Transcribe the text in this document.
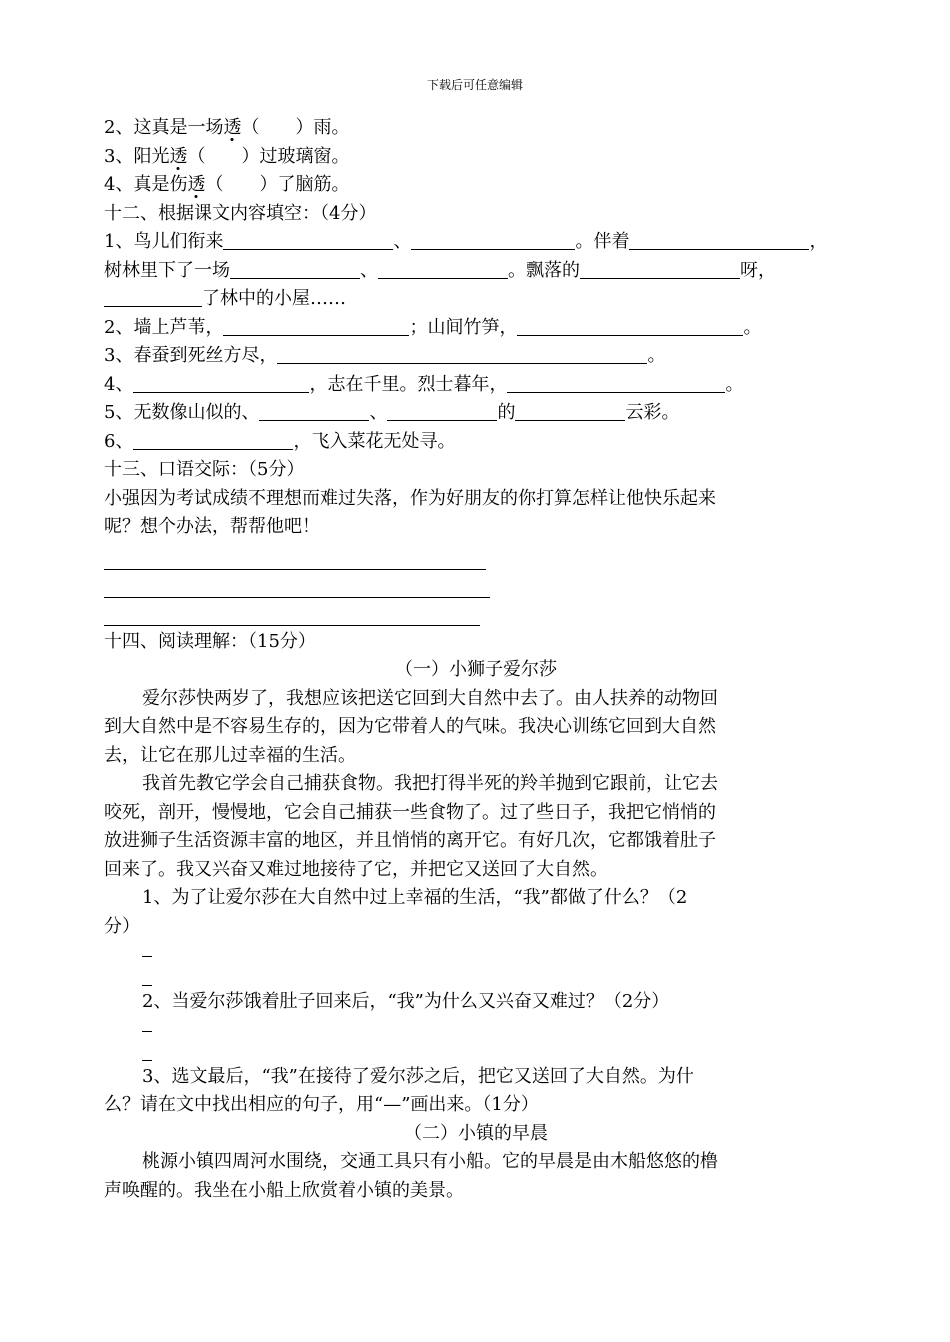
下载后可任意编辑
2、这真是一场透（ ）雨。
3、阳光透（ ）过玻璃窗。
4、真是伤透（ ）了脑筋。
十二、根据课文内容填空：（4分）
1、鸟儿们衔来	、	。伴着	，
树林里下了一场	、	。飘落的	呀，
了林中的小屋……
2、墙上芦苇，	；山间竹笋，	。
3、春蚕到死丝方尽，	。
4、	，志在千里。烈士暮年，	。
5、无数像山似的、	、	的	云彩。
6、	，飞入菜花无处寻。
十三、口语交际：（5分）
小强因为考试成绩不理想而难过失落，作为好朋友的你打算怎样让他快乐起来
呢？想个办法，帮帮他吧！
十四、阅读理解：（15分）
（一）小狮子爱尔莎
爱尔莎快两岁了，我想应该把送它回到大自然中去了。由人扶养的动物回
到大自然中是不容易生存的，因为它带着人的气味。我决心训练它回到大自然
去，让它在那儿过幸福的生活。
我首先教它学会自己捕获食物。我把打得半死的羚羊抛到它跟前，让它去
咬死，剖开，慢慢地，它会自己捕获一些食物了。过了些日子，我把它悄悄的
放进狮子生活资源丰富的地区，并且悄悄的离开它。有好几次，它都饿着肚子
回来了。我又兴奋又难过地接待了它，并把它又送回了大自然。
1、为了让爱尔莎在大自然中过上幸福的生活，“我”都做了什么？（2
分）
2、当爱尔莎饿着肚子回来后，“我”为什么又兴奋又难过？（2分）
3、选文最后，“我”在接待了爱尔莎之后，把它又送回了大自然。为什
么？请在文中找出相应的句子，用“—”画出来。（1分）
（二）小镇的早晨
桃源小镇四周河水围绕，交通工具只有小船。它的早晨是由木船悠悠的橹
声唤醒的。我坐在小船上欣赏着小镇的美景。
